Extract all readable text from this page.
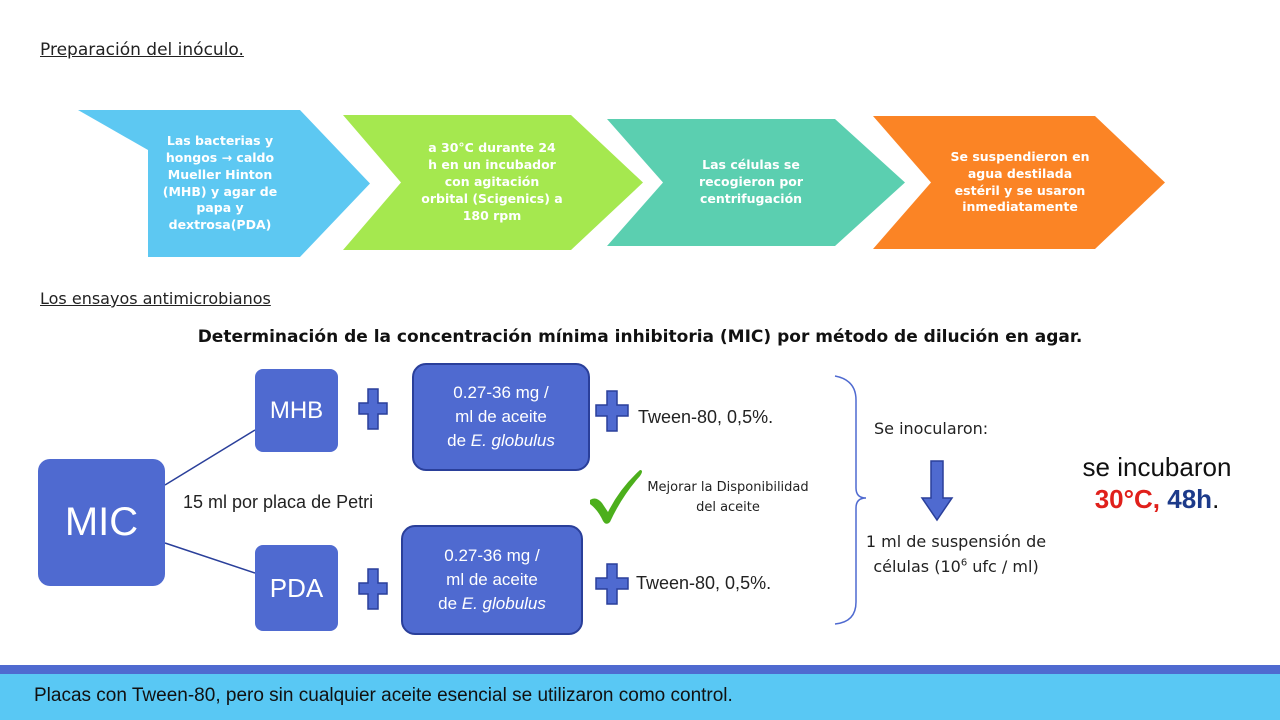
Preparación del inóculo.
Las bacterias y
hongos → caldo
Mueller Hinton
(MHB) y agar de
papa y
dextrosa(PDA)
a 30°C durante 24
h en un incubador
con agitación
orbital (Scigenics) a
180 rpm
Las células se
recogieron por
centrifugación
Se suspendieron en
agua destilada
estéril y se usaron
inmediatamente
Los ensayos antimicrobianos
Determinación de la concentración mínima inhibitoria (MIC) por método de dilución en agar.
MIC
MHB
PDA
0.27-36 mg /
ml de aceite
de E. globulus
0.27-36 mg /
ml de aceite
de E. globulus
Tween-80, 0,5%.
Tween-80, 0,5%.
15 ml por placa de Petri
Mejorar la Disponibilidad
del aceite
Se inocularon:
1 ml de suspensión de
células ($10^6$ ufc / ml)
se incubaron
30°C, 48h.
Placas con Tween-80, pero sin cualquier aceite esencial se utilizaron como control.
